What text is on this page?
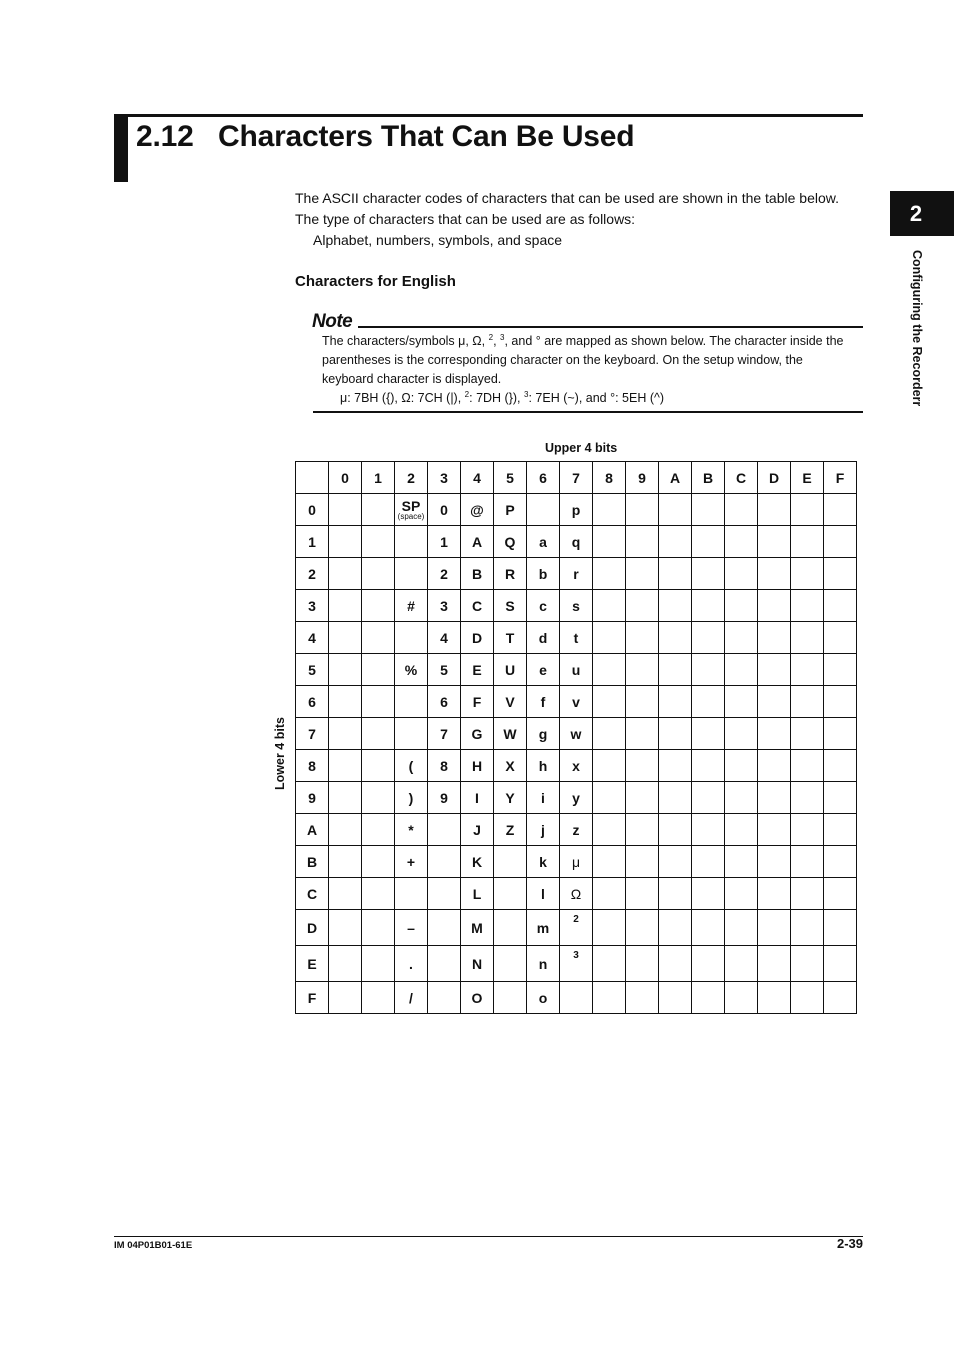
2.12 Characters That Can Be Used
2
Configuring the Recorderr
The ASCII character codes of characters that can be used are shown in the table below.
The type of characters that can be used are as follows:
Alphabet, numbers, symbols, and space
Characters for English
Note
The characters/symbols μ, Ω, $^2$, $^3$, and ° are mapped as shown below. The character inside the parentheses is the corresponding character on the keyboard. On the setup window, the keyboard character is displayed.
μ: 7BH ({), Ω: 7CH (|), $^2$: 7DH (}), $^3$: 7EH (~), and °: 5EH (^)
Upper 4 bits
Lower 4 bits
	0	1	2	3	4	5	6	7	8	9	A	B	C	D	E	F
0			SP
(space)	0	@	P		p								
1				1	A	Q	a	q								
2				2	B	R	b	r								
3			#	3	C	S	c	s								
4				4	D	T	d	t								
5			%	5	E	U	e	u								
6				6	F	V	f	v								
7				7	G	W	g	w								
8			(	8	H	X	h	x								
9			)	9	I	Y	i	y								
A			*		J	Z	j	z								
B			+		K		k	μ								
C					L		l	Ω								
D			–		M		m	2								
E			.		N		n	3								
F			/		O		o									
IM 04P01B01-61E	2-39
